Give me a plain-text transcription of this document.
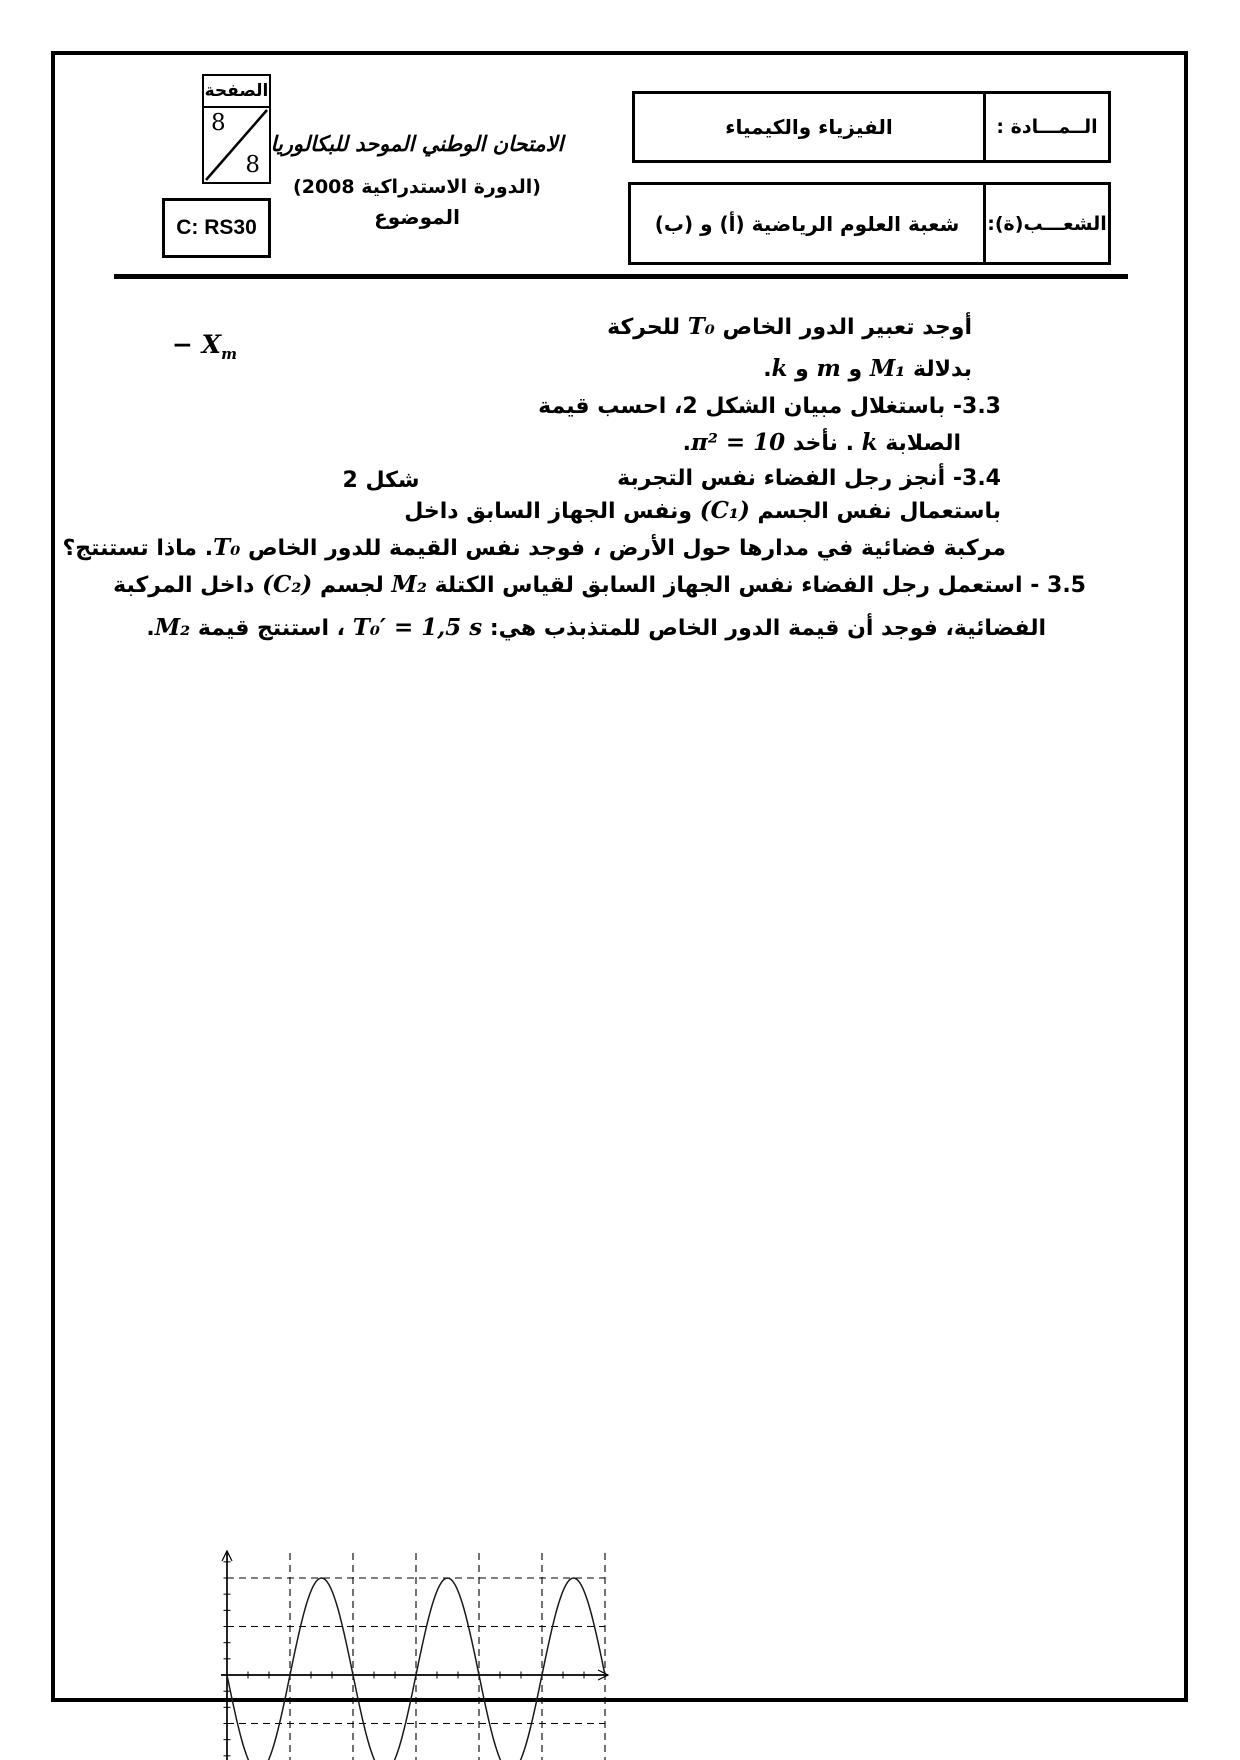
الصفحة
8
8
C: RS30
الامتحان الوطني الموحد للبكالوريا
(الدورة الاستدراكية 2008)
الموضوع
الفيزياء والكيمياء	الــمـــادة :
شعبة العلوم الرياضية (أ) و (ب)	الشعـــب(ة):
أوجد تعبير الدور الخاص T₀ للحركة
بدلالة M₁ و m و k.
3.3- باستغلال مبيان الشكل 2، احسب قيمة
الصلابة k . نأخد π² = 10.
3.4- أنجز رجل الفضاء نفس التجربة
باستعمال نفس الجسم (C₁) ونفس الجهاز السابق داخل
مركبة فضائية في مدارها حول الأرض ، فوجد نفس القيمة للدور الخاص T₀. ماذا تستنتج؟
3.5 - استعمل رجل الفضاء نفس الجهاز السابق لقياس الكتلة M₂ لجسم (C₂) داخل المركبة
الفضائية، فوجد أن قيمة الدور الخاص للمتذبذب هي: T₀′ = 1,5 s ، استنتج قيمة M₂.
شكل 2
− $X_m$
